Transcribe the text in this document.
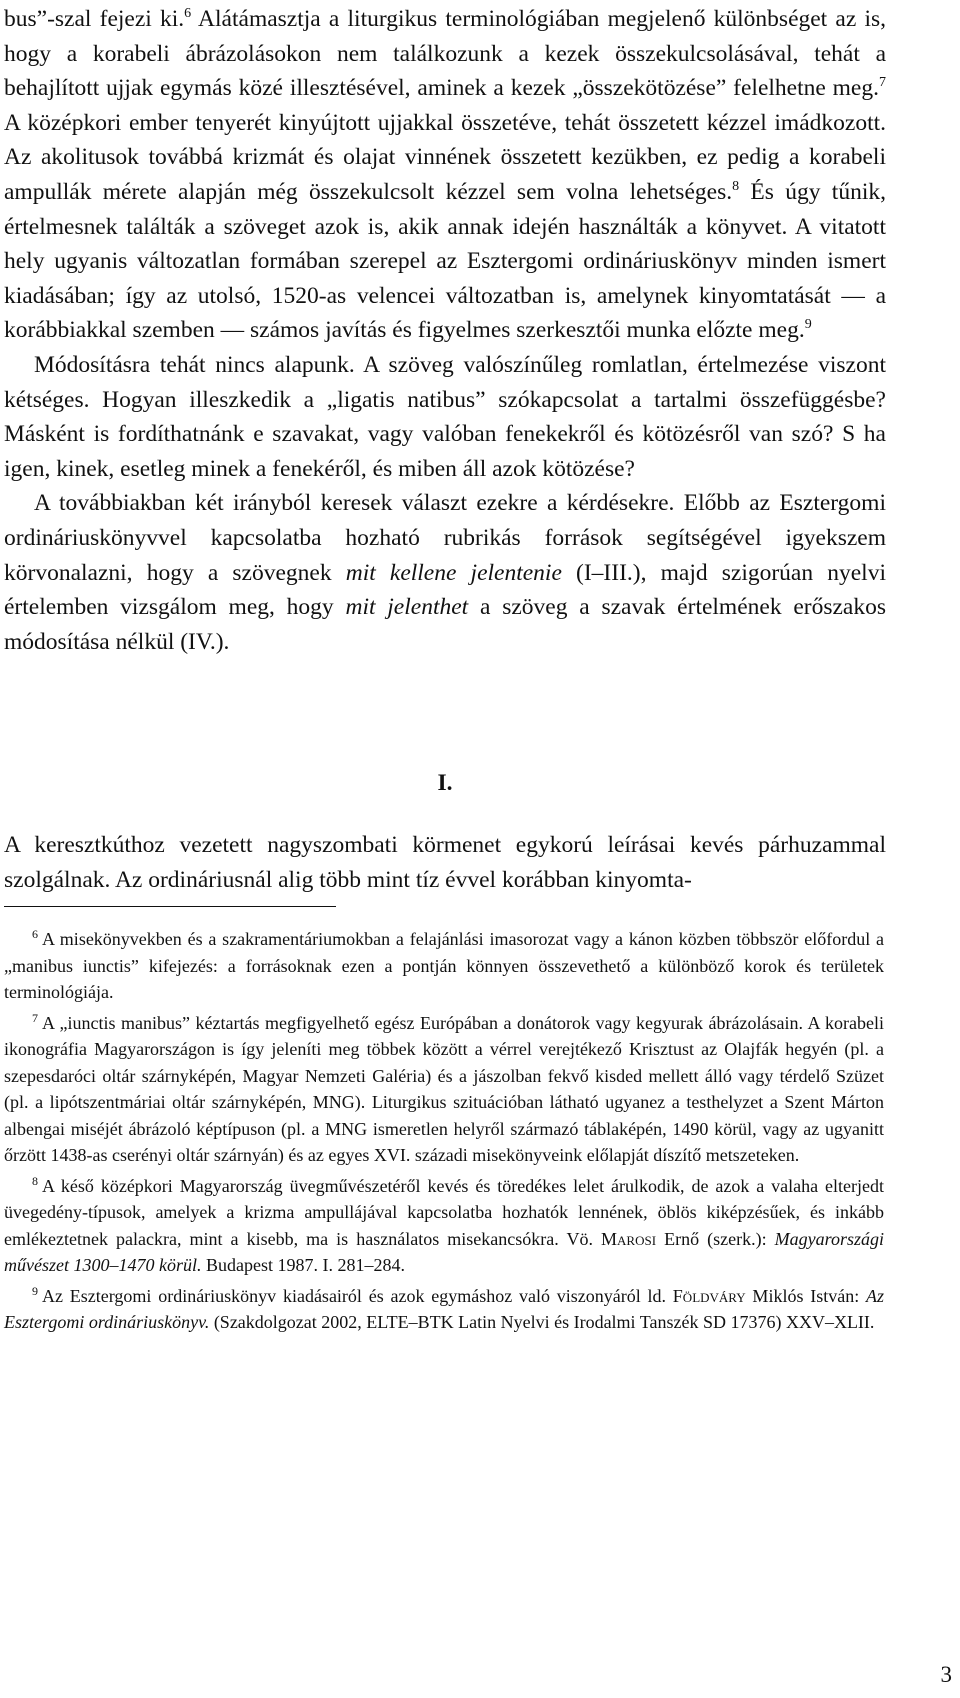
bus”-szal fejezi ki.$^6$ Alátámasztja a liturgikus terminológiában megjelenő különbséget az is, hogy a korabeli ábrázolásokon nem találkozunk a kezek összekulcsolásával, tehát a behajlított ujjak egymás közé illesztésével, aminek a kezek „összekötözése” felelhetne meg.$^7$ A középkori ember tenyerét kinyújtott ujjakkal összetéve, tehát összetett kézzel imádkozott. Az akolitusok továbbá krizmát és olajat vinnének összetett kezükben, ez pedig a korabeli ampullák mérete alapján még összekulcsolt kézzel sem volna lehetséges.$^8$ És úgy tűnik, értelmesnek találták a szöveget azok is, akik annak idején használták a könyvet. A vitatott hely ugyanis változatlan formában szerepel az Esztergomi ordináriuskönyv minden ismert kiadásában; így az utolsó, 1520-as velencei változatban is, amelynek kinyomtatását — a korábbiakkal szemben — számos javítás és figyelmes szerkesztői munka előzte meg.$^9$

Módosításra tehát nincs alapunk. A szöveg valószínűleg romlatlan, értelmezése viszont kétséges. Hogyan illeszkedik a „ligatis natibus” szókapcsolat a tartalmi összefüggésbe? Másként is fordíthatnánk e szavakat, vagy valóban fenekekről és kötözésről van szó? S ha igen, kinek, esetleg minek a fenekéről, és miben áll azok kötözése?

A továbbiakban két irányból keresek választ ezekre a kérdésekre. Előbb az Esztergomi ordináriuskönyvvel kapcsolatba hozható rubrikás források segítségével igyekszem körvonalazni, hogy a szövegnek mit kellene jelentenie (I–III.), majd szigorúan nyelvi értelemben vizsgálom meg, hogy mit jelenthet a szöveg a szavak értelmének erőszakos módosítása nélkül (IV.).

I.

A keresztkúthoz vezetett nagyszombati körmenet egykorú leírásai kevés párhuzammal szolgálnak. Az ordináriusnál alig több mint tíz évvel korábban kinyomta-

$^6$ A misekönyvekben és a szakramentáriumokban a felajánlási imasorozat vagy a kánon közben többször előfordul a „manibus iunctis” kifejezés: a forrásoknak ezen a pontján könnyen összevethető a különböző korok és területek terminológiája.

$^7$ A „iunctis manibus” kéztartás megfigyelhető egész Európában a donátorok vagy kegyurak ábrázolásain. A korabeli ikonográfia Magyarországon is így jeleníti meg többek között a vérrel verejtékező Krisztust az Olajfák hegyén (pl. a szepesdaróci oltár szárnyképén, Magyar Nemzeti Galéria) és a jászolban fekvő kisded mellett álló vagy térdelő Szüzet (pl. a lipótszentmáriai oltár szárnyképén, MNG). Liturgikus szituációban látható ugyanez a testhelyzet a Szent Márton albengai miséjét ábrázoló képtípuson (pl. a MNG ismeretlen helyről származó táblaképén, 1490 körül, vagy az ugyanitt őrzött 1438-as cserényi oltár szárnyán) és az egyes XVI. századi misekönyveink előlapját díszítő metszeteken.

$^8$ A késő középkori Magyarország üvegművészetéről kevés és töredékes lelet árulkodik, de azok a valaha elterjedt üvegedény-típusok, amelyek a krizma ampullájával kapcsolatba hozhatók lennének, öblös kiképzésűek, és inkább emlékeztetnek palackra, mint a kisebb, ma is használatos misekancsókra. Vö. Marosi Ernő (szerk.): Magyarországi művészet 1300–1470 körül. Budapest 1987. I. 281–284.

$^9$ Az Esztergomi ordináriuskönyv kiadásairól és azok egymáshoz való viszonyáról ld. Földváry Miklós István: Az Esztergomi ordináriuskönyv. (Szakdolgozat 2002, ELTE–BTK Latin Nyelvi és Irodalmi Tanszék SD 17376) XXV–XLII.

3
